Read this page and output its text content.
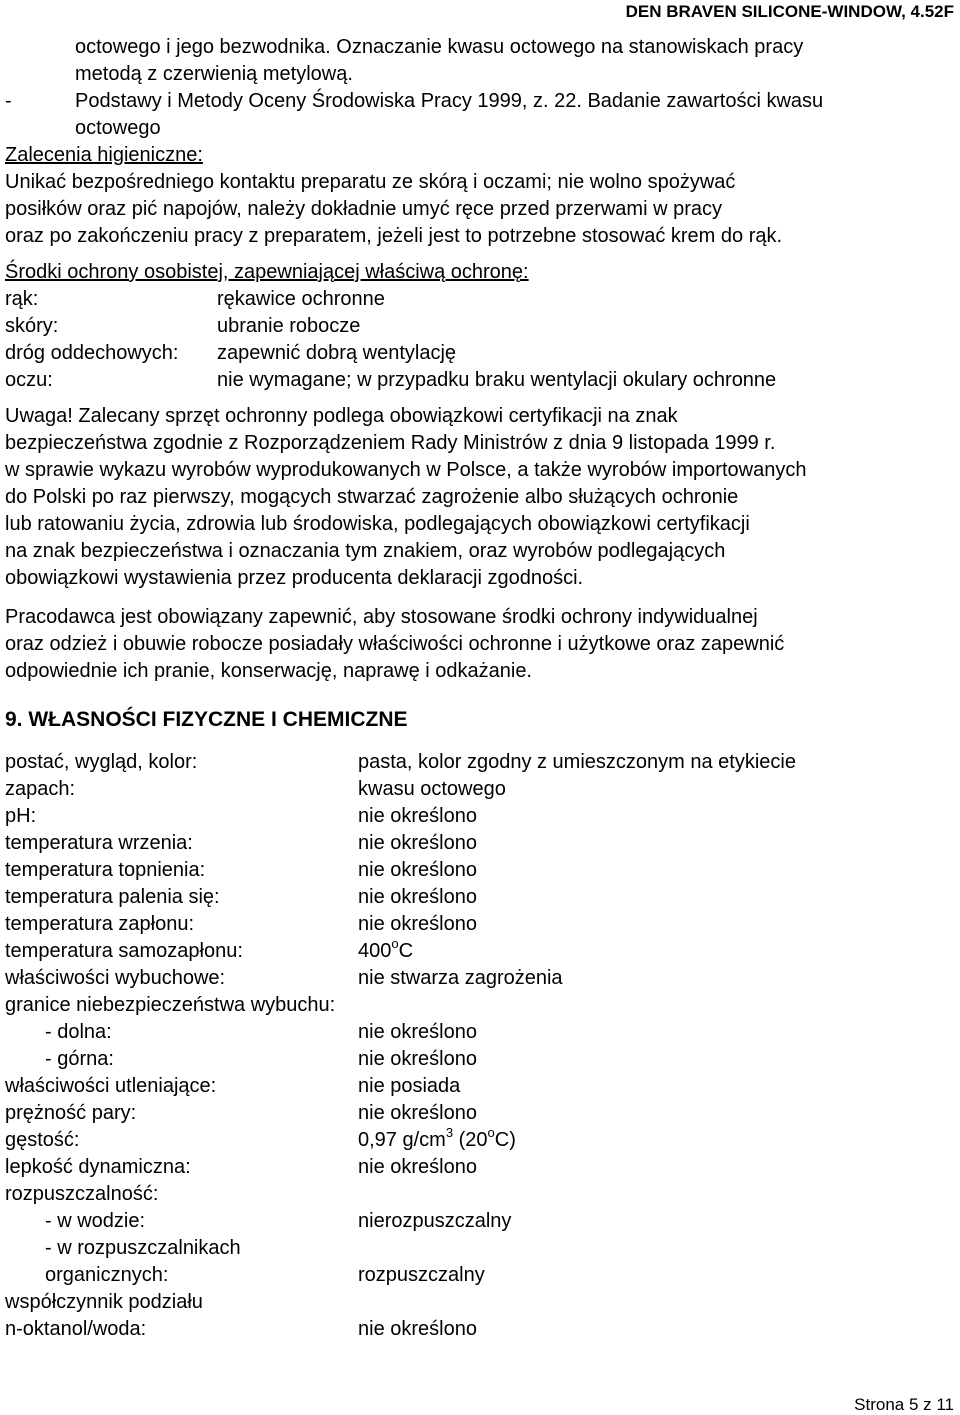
DEN BRAVEN SILICONE-WINDOW, 4.52F

octowego i jego bezwodnika. Oznaczanie kwasu octowego na stanowiskach pracy

metodą z czerwienią metylową.

-	Podstawy i Metody Oceny Środowiska Pracy 1999, z. 22. Badanie zawartości kwasu

octowego

Zalecenia higieniczne:

Unikać bezpośredniego kontaktu preparatu ze skórą i oczami; nie wolno spożywać

posiłków oraz pić napojów, należy dokładnie umyć ręce przed przerwami w pracy

oraz po zakończeniu pracy z preparatem, jeżeli jest to potrzebne stosować krem do rąk.

Środki ochrony osobistej, zapewniającej właściwą ochronę:

rąk:	rękawice ochronne
skóry:	ubranie robocze
dróg oddechowych:	zapewnić dobrą wentylację
oczu:	nie wymagane; w przypadku braku wentylacji okulary ochronne

Uwaga! Zalecany sprzęt ochronny podlega obowiązkowi certyfikacji na znak

bezpieczeństwa zgodnie z Rozporządzeniem Rady Ministrów z dnia 9 listopada 1999 r.

w sprawie wykazu wyrobów wyprodukowanych w Polsce, a także wyrobów importowanych

do Polski po raz pierwszy, mogących stwarzać zagrożenie albo służących ochronie

lub ratowaniu życia, zdrowia lub środowiska, podlegających obowiązkowi certyfikacji

na znak bezpieczeństwa i oznaczania tym znakiem, oraz wyrobów podlegających

obowiązkowi wystawienia przez producenta deklaracji zgodności.

Pracodawca jest obowiązany zapewnić, aby stosowane środki ochrony indywidualnej

oraz odzież i obuwie robocze posiadały właściwości ochronne i użytkowe oraz zapewnić

odpowiednie ich pranie, konserwację, naprawę i odkażanie.

9. WŁASNOŚCI FIZYCZNE I CHEMICZNE
postać, wygląd, kolor:	pasta, kolor zgodny z umieszczonym na etykiecie
zapach:	kwasu octowego
pH:	nie określono
temperatura wrzenia:	nie określono
temperatura topnienia:	nie określono
temperatura palenia się:	nie określono
temperatura zapłonu:	nie określono
temperatura samozapłonu:	400$^o$C
właściwości wybuchowe:	nie stwarza zagrożenia
granice niebezpieczeństwa wybuchu:
- dolna:	nie określono
- górna:	nie określono
właściwości utleniające:	nie posiada
prężność pary:	nie określono
gęstość:	0,97 $g/cm^3$ (20$^o$C)
lepkość dynamiczna:	nie określono
rozpuszczalność:
- w wodzie:	nierozpuszczalny
- w rozpuszczalnikach
organicznych:	rozpuszczalny
współczynnik podziału
n-oktanol/woda:	nie określono
Strona 5 z 11
